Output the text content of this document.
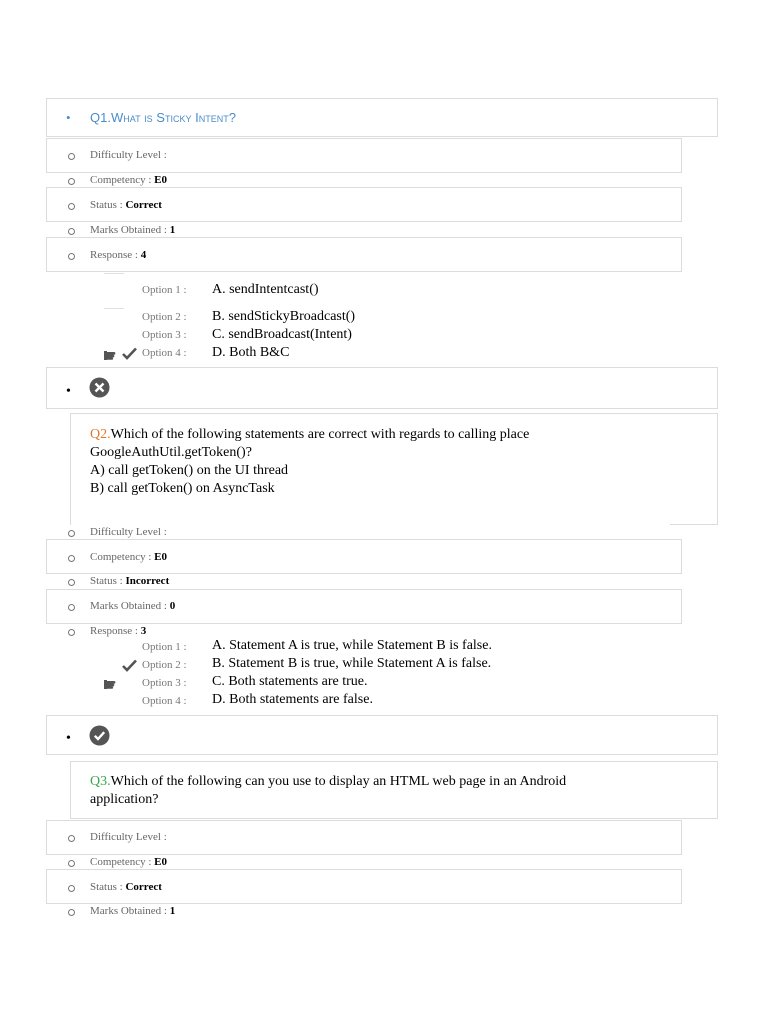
• Q1.What is Sticky Intent?
Difficulty Level :
Competency : E0
Status : Correct
Marks Obtained : 1
Response : 4
Option 1 : A. sendIntentcast()
Option 2 : B. sendStickyBroadcast()
Option 3 : C. sendBroadcast(Intent)
Option 4 : D. Both B&C
•
Q2.Which of the following statements are correct with regards to calling place
GoogleAuthUtil.getToken()?
A) call getToken() on the UI thread
B) call getToken() on AsyncTask
Difficulty Level :
Competency : E0
Status : Incorrect
Marks Obtained : 0
Response : 3
Option 1 : A. Statement A is true, while Statement B is false.
Option 2 : B. Statement B is true, while Statement A is false.
Option 3 : C. Both statements are true.
Option 4 : D. Both statements are false.
•
Q3.Which of the following can you use to display an HTML web page in an Android
application?
Difficulty Level :
Competency : E0
Status : Correct
Marks Obtained : 1
